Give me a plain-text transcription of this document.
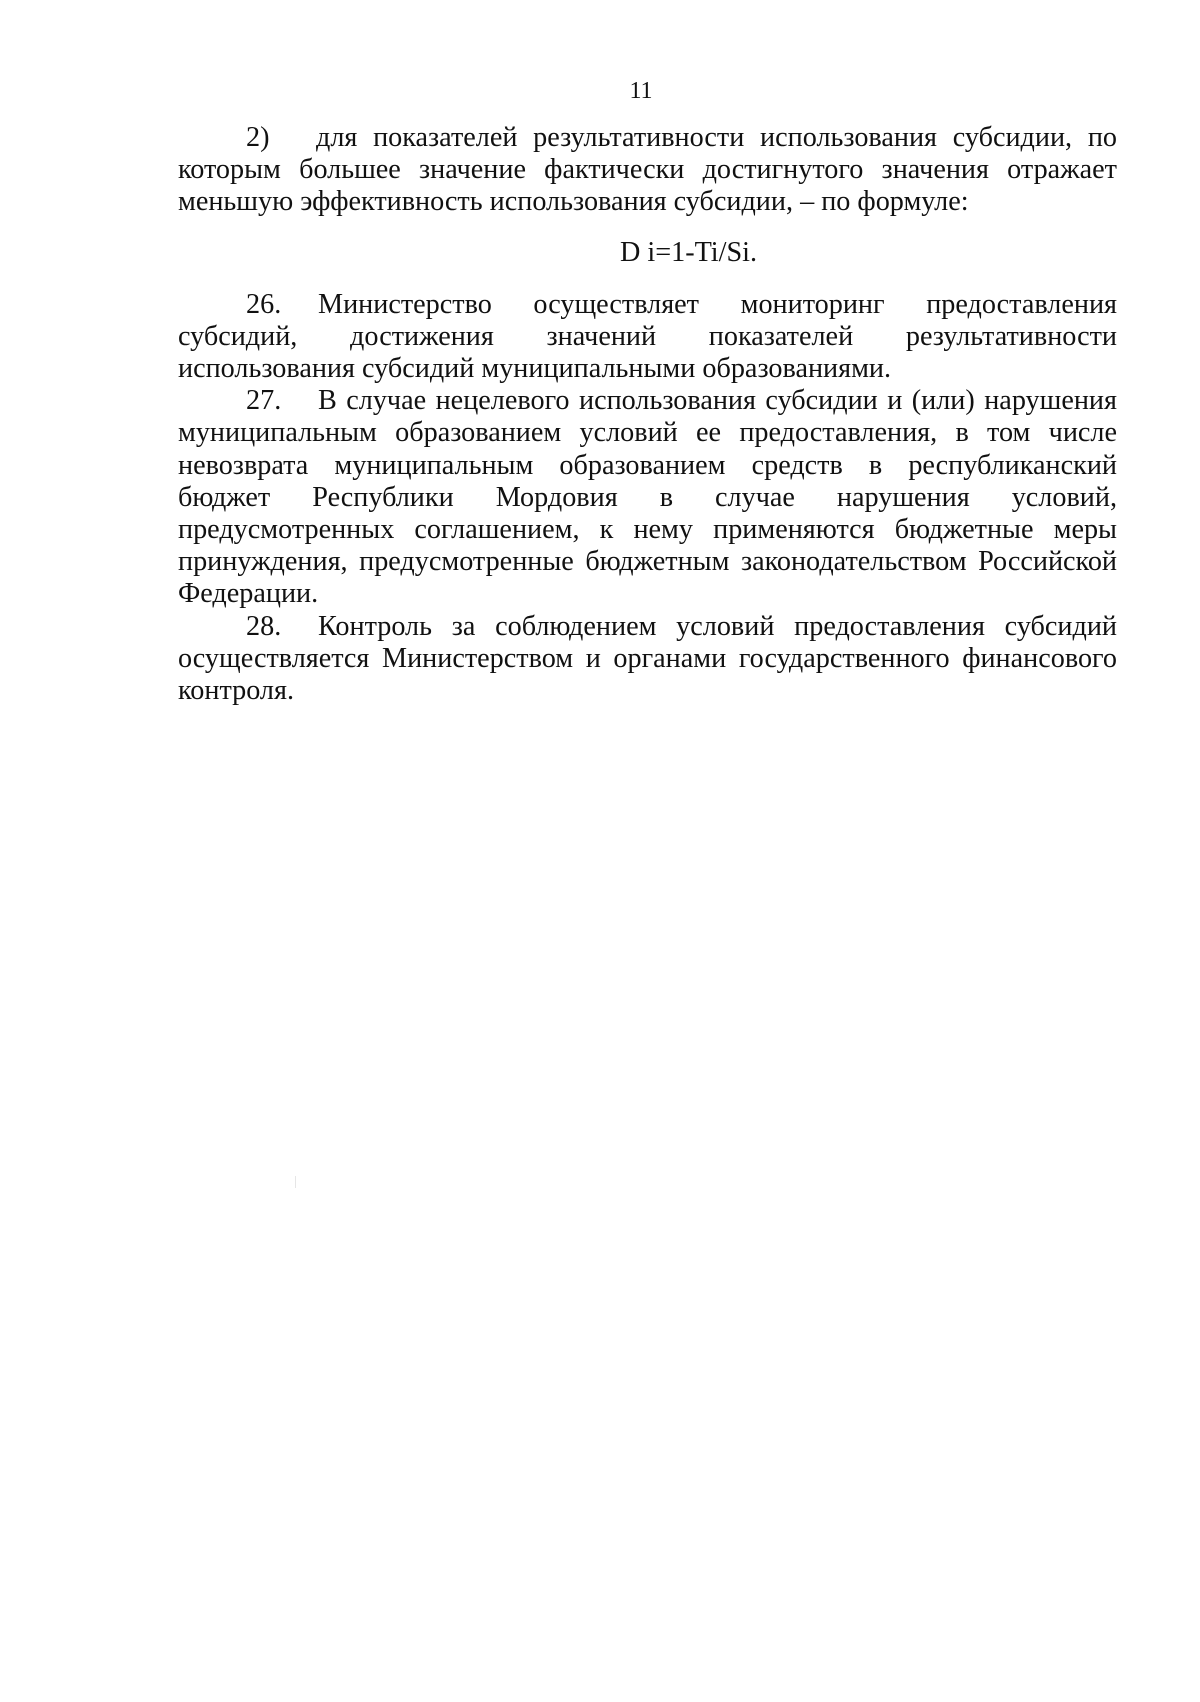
11

2) для показателей результативности использования субсидии, по которым большее значение фактически достигнутого значения отражает меньшую эффективность использования субсидии, – по формуле:

D i=1-Ti/Si.

26. Министерство осуществляет мониторинг предоставления субсидий, достижения значений показателей результативности использования субсидий муниципальными образованиями.

27. В случае нецелевого использования субсидии и (или) нарушения муниципальным образованием условий ее предоставления, в том числе невозврата муниципальным образованием средств в республиканский бюджет Республики Мордовия в случае нарушения условий, предусмотренных соглашением, к нему применяются бюджетные меры принуждения, предусмотренные бюджетным законодательством Российской Федерации.

28. Контроль за соблюдением условий предоставления субсидий осуществляется Министерством и органами государственного финансового контроля.
